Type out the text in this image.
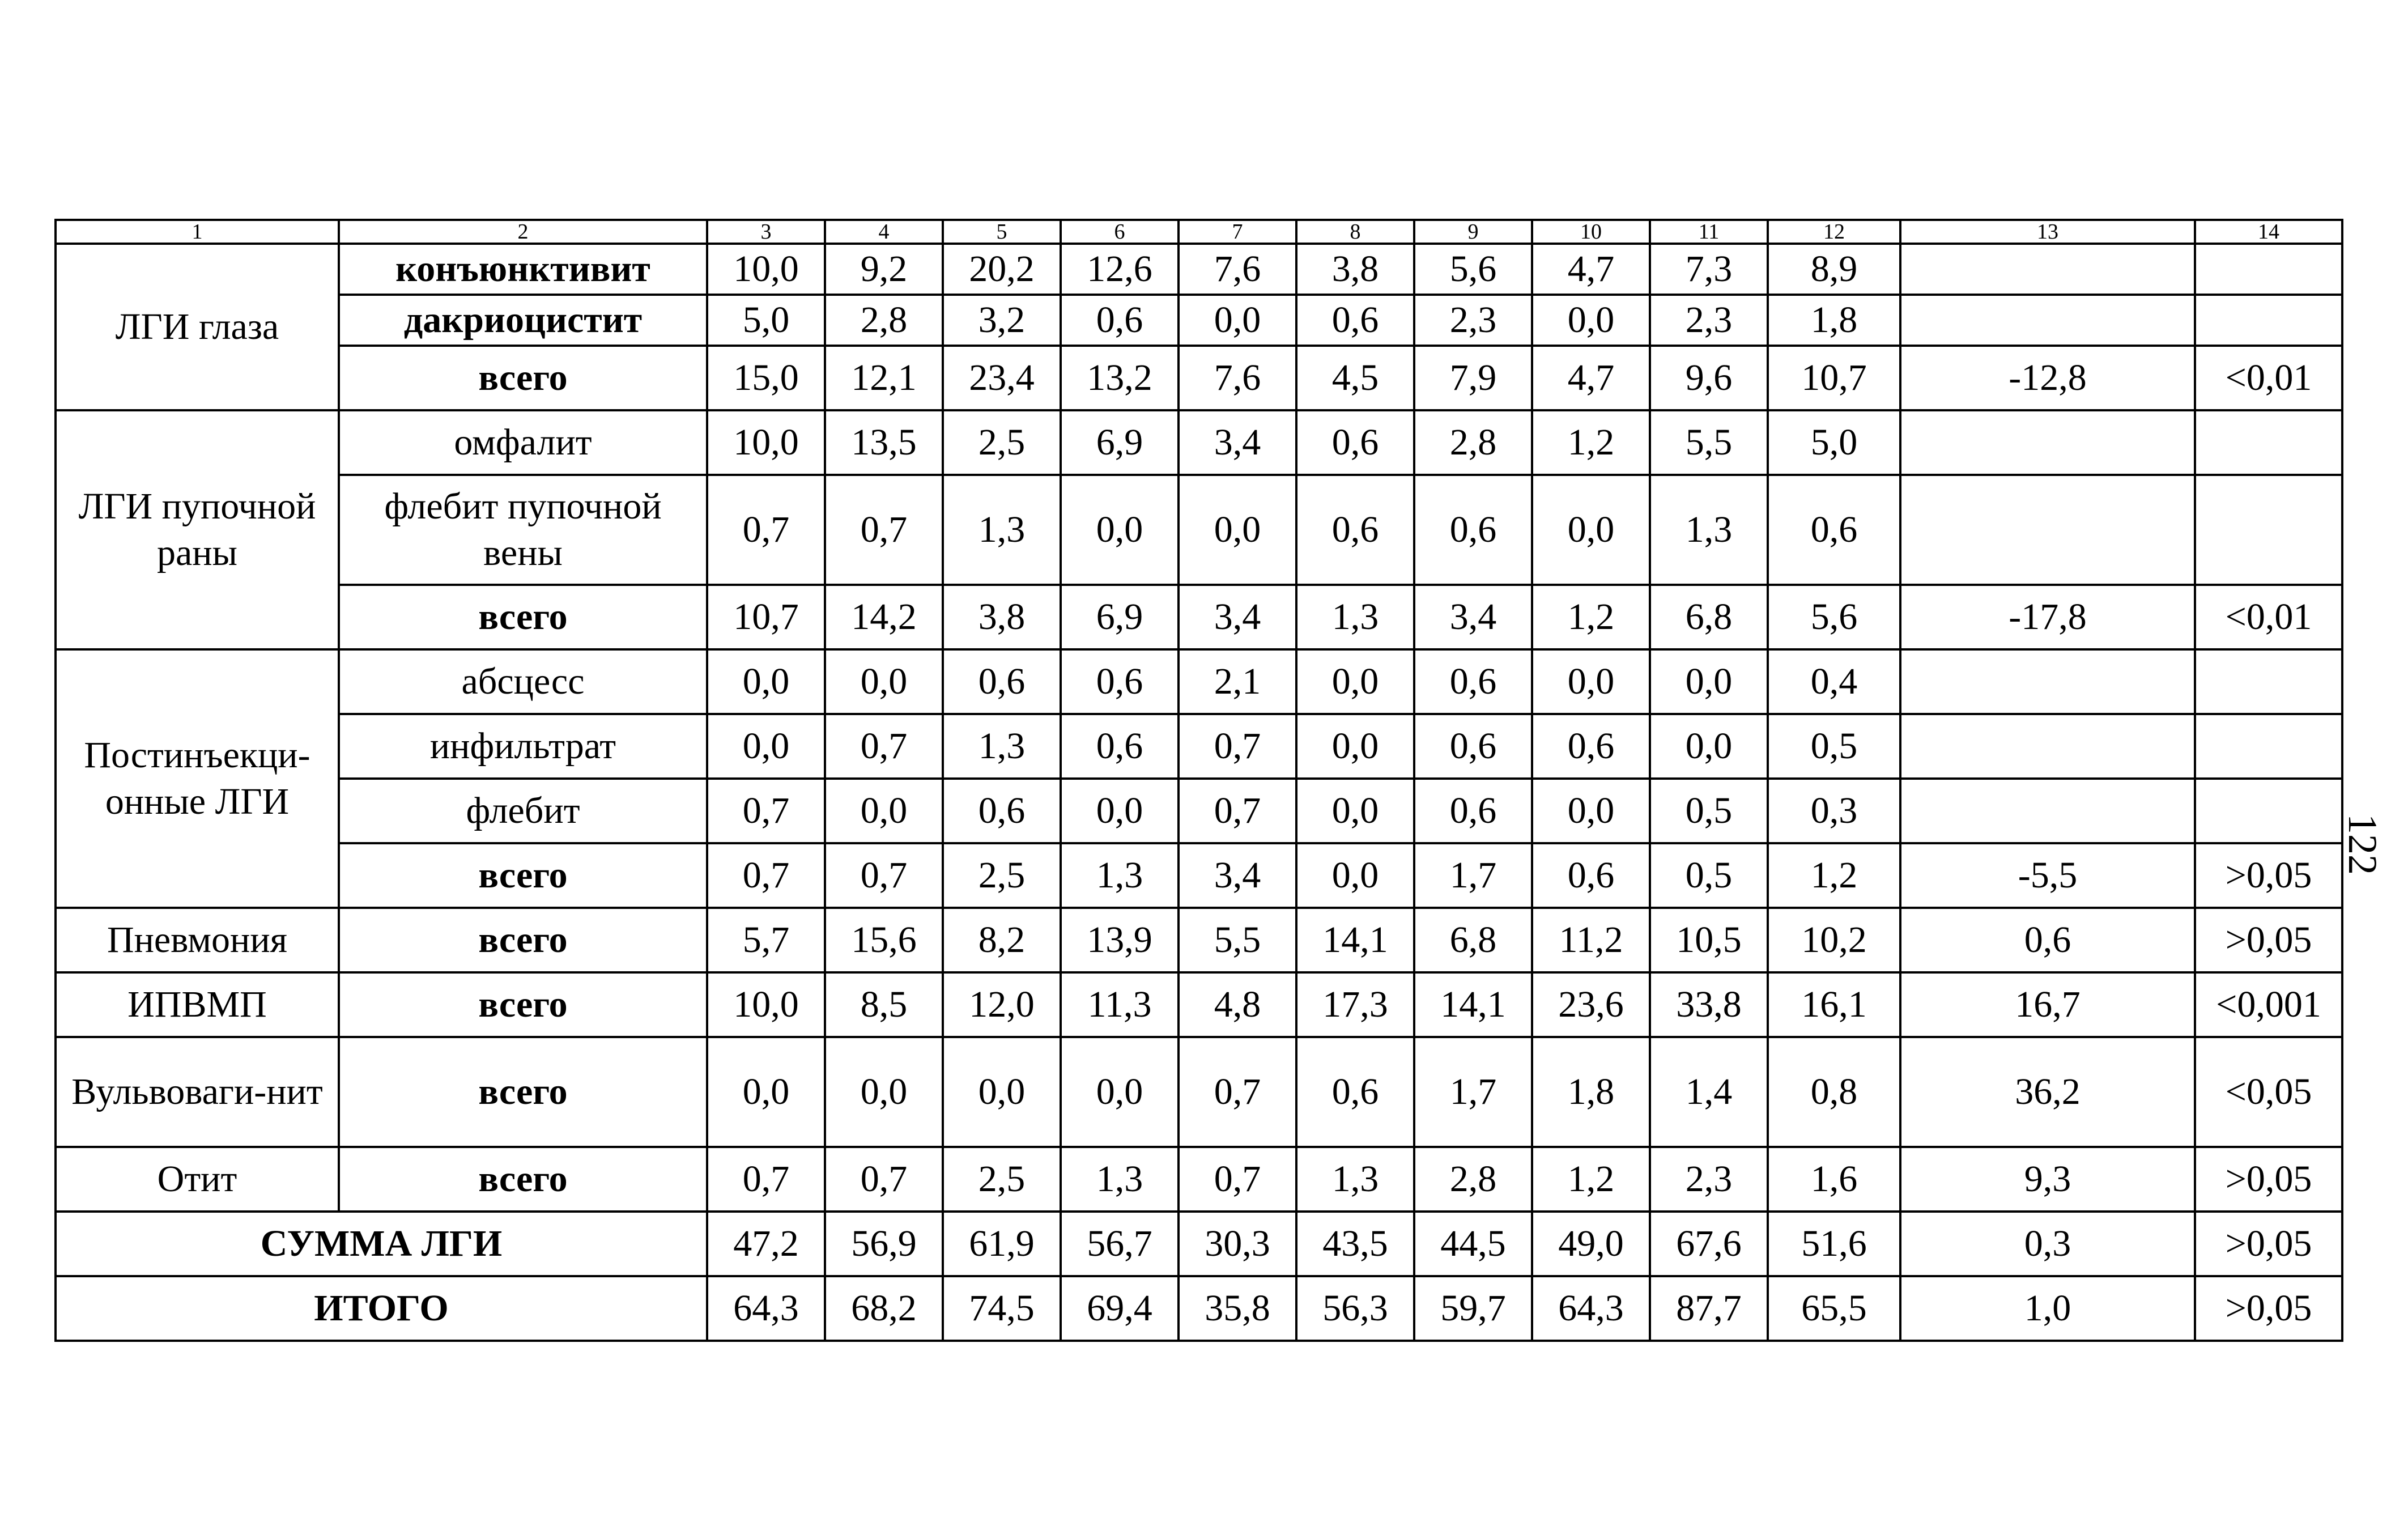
1	2	3	4	5	6	7	8	9	10	11	12	13	14
ЛГИ глаза	конъюнктивит	10,0	9,2	20,2	12,6	7,6	3,8	5,6	4,7	7,3	8,9		
	дакриоцистит	5,0	2,8	3,2	0,6	0,0	0,6	2,3	0,0	2,3	1,8		
	всего	15,0	12,1	23,4	13,2	7,6	4,5	7,9	4,7	9,6	10,7	-12,8	<0,01
ЛГИ пупочной раны	омфалит	10,0	13,5	2,5	6,9	3,4	0,6	2,8	1,2	5,5	5,0		
	флебит пупочной вены	0,7	0,7	1,3	0,0	0,0	0,6	0,6	0,0	1,3	0,6		
	всего	10,7	14,2	3,8	6,9	3,4	1,3	3,4	1,2	6,8	5,6	-17,8	<0,01
Постинъекци-онные ЛГИ	абсцесс	0,0	0,0	0,6	0,6	2,1	0,0	0,6	0,0	0,0	0,4		
	инфильтрат	0,0	0,7	1,3	0,6	0,7	0,0	0,6	0,6	0,0	0,5		
	флебит	0,7	0,0	0,6	0,0	0,7	0,0	0,6	0,0	0,5	0,3		
	всего	0,7	0,7	2,5	1,3	3,4	0,0	1,7	0,6	0,5	1,2	-5,5	>0,05
Пневмония	всего	5,7	15,6	8,2	13,9	5,5	14,1	6,8	11,2	10,5	10,2	0,6	>0,05
ИПВМП	всего	10,0	8,5	12,0	11,3	4,8	17,3	14,1	23,6	33,8	16,1	16,7	<0,001
Вульвоваги-нит	всего	0,0	0,0	0,0	0,0	0,7	0,6	1,7	1,8	1,4	0,8	36,2	<0,05
Отит	всего	0,7	0,7	2,5	1,3	0,7	1,3	2,8	1,2	2,3	1,6	9,3	>0,05
СУММА ЛГИ		47,2	56,9	61,9	56,7	30,3	43,5	44,5	49,0	67,6	51,6	0,3	>0,05
ИТОГО		64,3	68,2	74,5	69,4	35,8	56,3	59,7	64,3	87,7	65,5	1,0	>0,05
122
